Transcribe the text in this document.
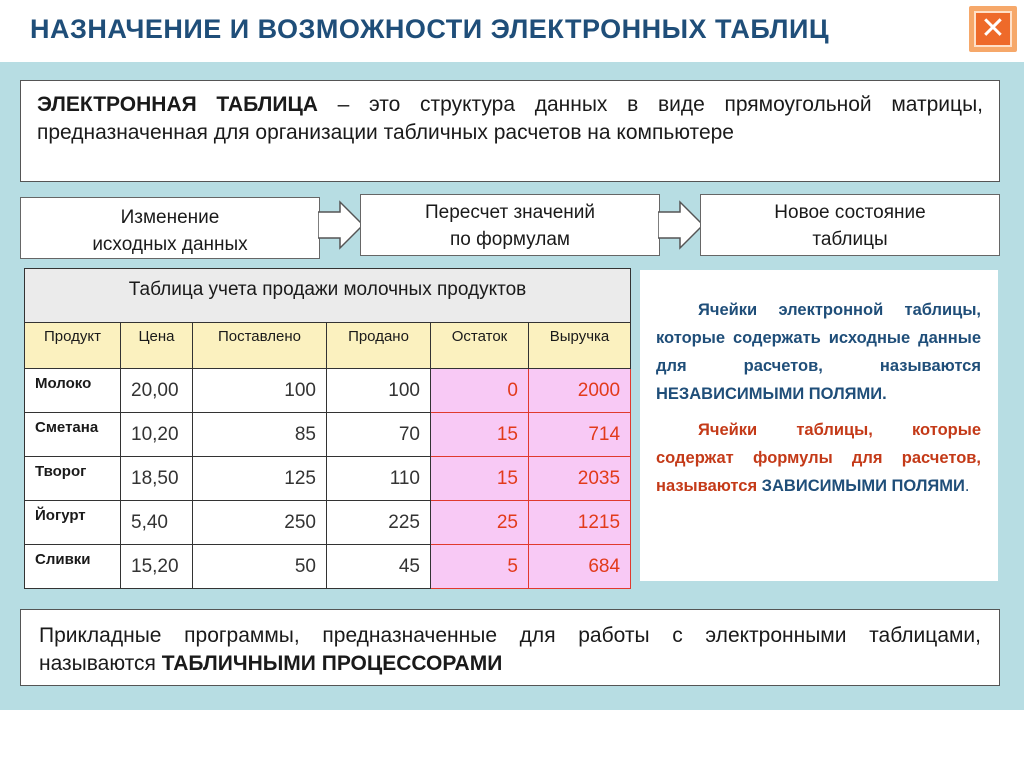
НАЗНАЧЕНИЕ И ВОЗМОЖНОСТИ ЭЛЕКТРОННЫХ ТАБЛИЦ	✕
ЭЛЕКТРОННАЯ ТАБЛИЦА – это структура данных в виде прямоугольной матрицы, предназначенная для организации табличных расчетов на компьютере
Изменение
исходных данных
Пересчет значений
по формулам
Новое состояние
таблицы
Таблица учета продажи молочных продуктов					
Продукт	Цена	Поставлено	Продано	Остаток	Выручка
Молоко	20,00	100	100	0	2000
Сметана	10,20	85	70	15	714
Творог	18,50	125	110	15	2035
Йогурт	5,40	250	225	25	1215
Сливки	15,20	50	45	5	684

Ячейки электронной таблицы, которые содержать исходные данные для расчетов, называются НЕЗАВИСИМЫМИ ПОЛЯМИ.

Ячейки таблицы, которые содержат формулы для расчетов, называются ЗАВИСИМЫМИ ПОЛЯМИ.

Прикладные программы, предназначенные для работы с электронными таблицами, называются ТАБЛИЧНЫМИ ПРОЦЕССОРАМИ
